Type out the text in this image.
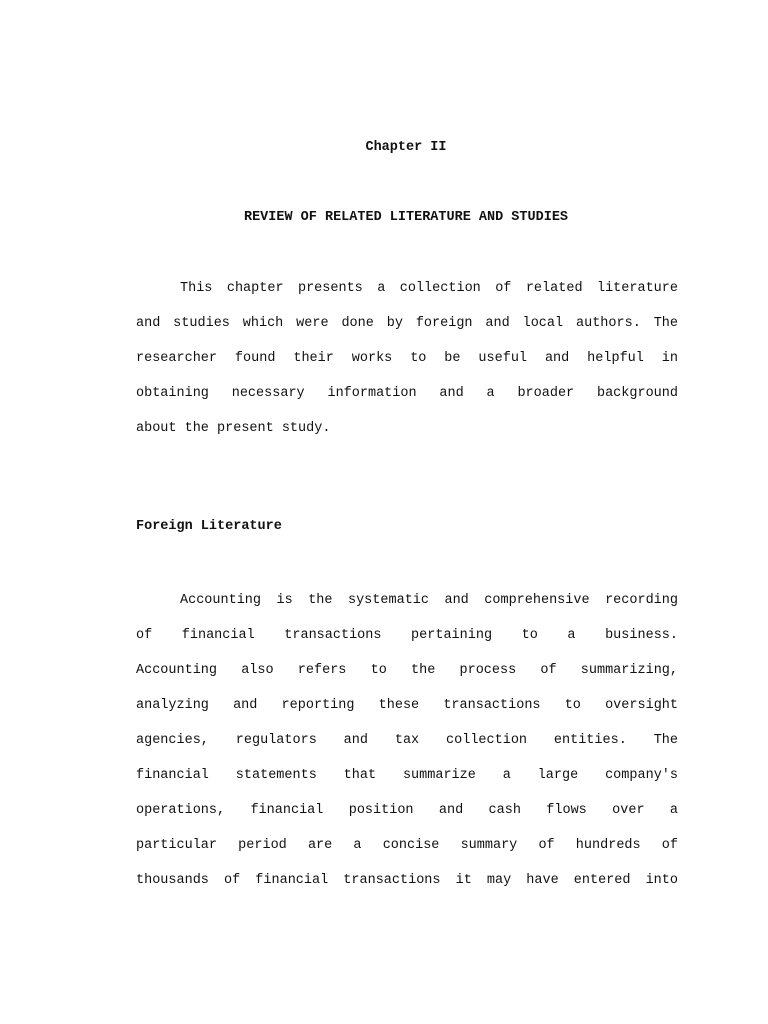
Chapter II
REVIEW OF RELATED LITERATURE AND STUDIES
This chapter presents a collection of related literature
and studies which were done by foreign and local authors. The
researcher found their works to be useful and helpful in
obtaining necessary information and a broader background
about the present study.
Foreign Literature
Accounting is the systematic and comprehensive recording
of financial transactions pertaining to a business.
Accounting also refers to the process of summarizing,
analyzing and reporting these transactions to oversight
agencies, regulators and tax collection entities. The
financial statements that summarize a large company's
operations, financial position and cash flows over a
particular period are a concise summary of hundreds of
thousands of financial transactions it may have entered into
